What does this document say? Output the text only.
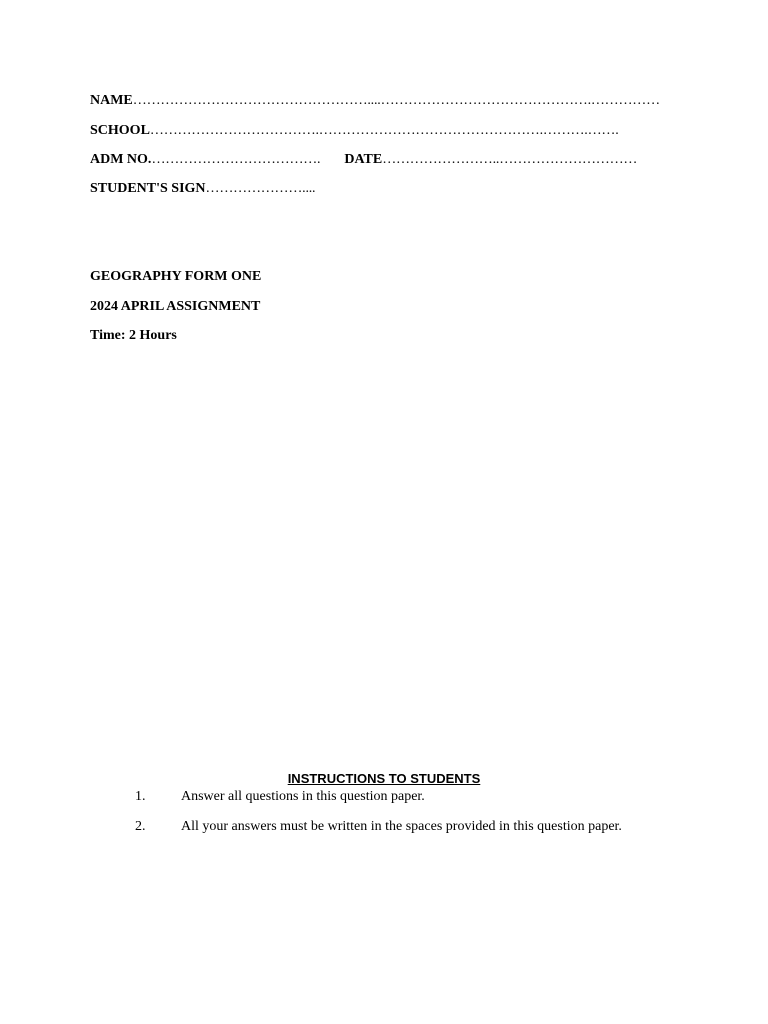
NAME……………………………………………....……………………………………….……………
SCHOOL……………………………….………………………………………….……….…….
ADM NO.………………………………. DATE……………………..…………………………
STUDENT'S SIGN…………………....
GEOGRAPHY FORM ONE
2024 APRIL ASSIGNMENT
Time: 2 Hours
INSTRUCTIONS TO STUDENTS
1.	Answer all questions in this question paper.
2.	All your answers must be written in the spaces provided in this question paper.
